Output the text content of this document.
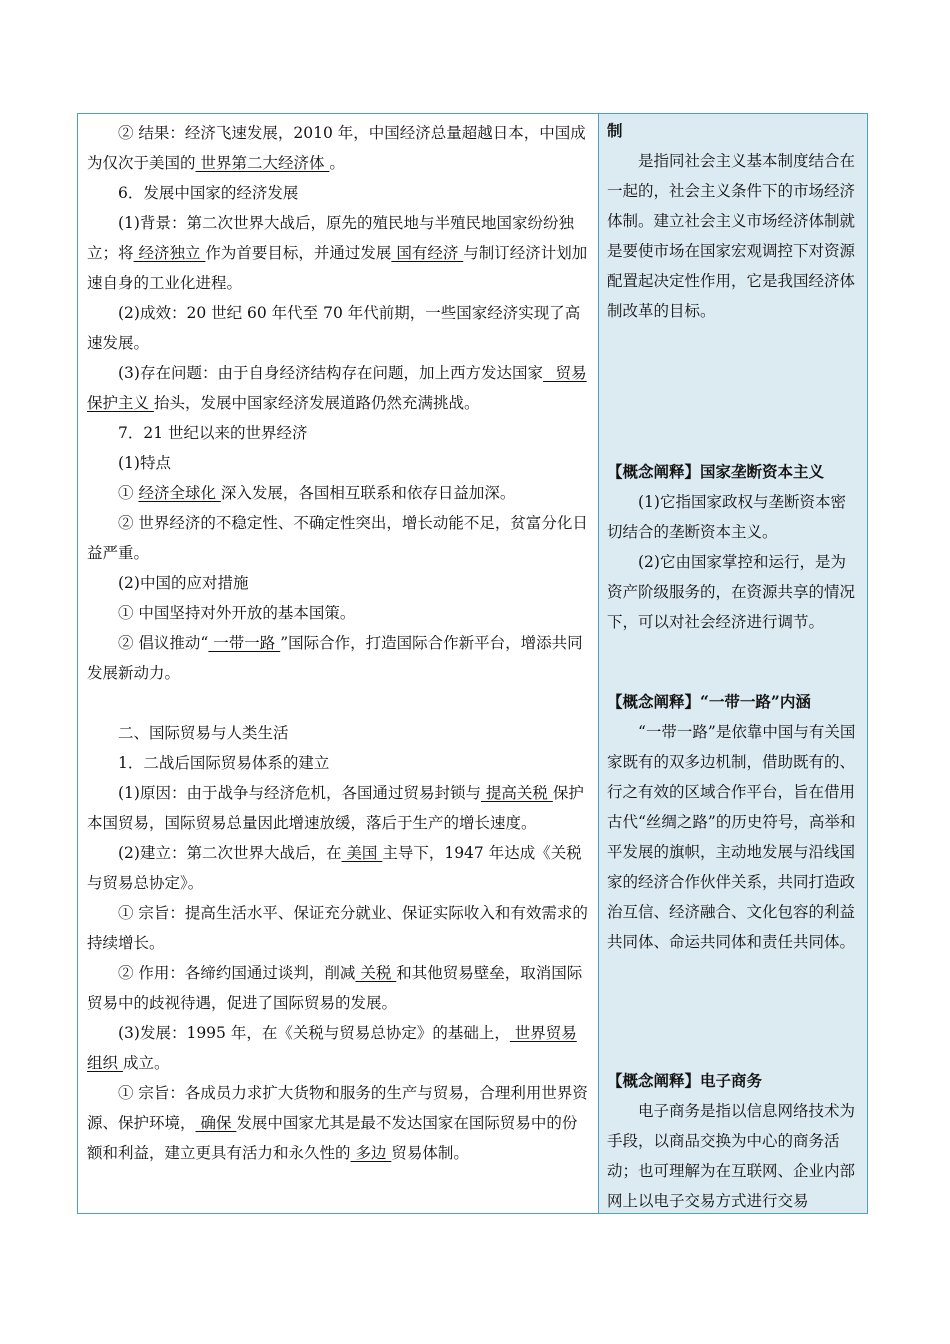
② 结果：经济飞速发展，2010 年，中国经济总量超越日本，中国成为仅次于美国的 世界第二大经济体 。

6．发展中国家的经济发展

(1)背景：第二次世界大战后，原先的殖民地与半殖民地国家纷纷独立；将 经济独立 作为首要目标，并通过发展 国有经济 与制订经济计划加速自身的工业化进程。

(2)成效：20 世纪 60 年代至 70 年代前期，一些国家经济实现了高速发展。

(3)存在问题：由于自身经济结构存在问题，加上西方发达国家_ 贸易保护主义 抬头，发展中国家经济发展道路仍然充满挑战。

7．21 世纪以来的世界经济

(1)特点

① 经济全球化 深入发展，各国相互联系和依存日益加深。

② 世界经济的不稳定性、不确定性突出，增长动能不足，贫富分化日益严重。

(2)中国的应对措施

① 中国坚持对外开放的基本国策。

② 倡议推动“ 一带一路 ”国际合作，打造国际合作新平台，增添共同发展新动力。

二、国际贸易与人类生活

1．二战后国际贸易体系的建立

(1)原因：由于战争与经济危机，各国通过贸易封锁与 提高关税 保护本国贸易，国际贸易总量因此增速放缓，落后于生产的增长速度。

(2)建立：第二次世界大战后，在 美国 主导下，1947 年达成《关税与贸易总协定》。

① 宗旨：提高生活水平、保证充分就业、保证实际收入和有效需求的持续增长。

② 作用：各缔约国通过谈判，削减 关税 和其他贸易壁垒，取消国际贸易中的歧视待遇，促进了国际贸易的发展。

(3)发展：1995 年，在《关税与贸易总协定》的基础上， 世界贸易组织 成立。

① 宗旨：各成员力求扩大货物和服务的生产与贸易，合理利用世界资源、保护环境， 确保 发展中国家尤其是最不发达国家在国际贸易中的份额和利益，建立更具有活力和永久性的 多边 贸易体制。

制

是指同社会主义基本制度结合在一起的，社会主义条件下的市场经济体制。建立社会主义市场经济体制就是要使市场在国家宏观调控下对资源配置起决定性作用，它是我国经济体制改革的目标。

【概念阐释】国家垄断资本主义

(1)它指国家政权与垄断资本密切结合的垄断资本主义。

(2)它由国家掌控和运行，是为资产阶级服务的，在资源共享的情况下，可以对社会经济进行调节。

【概念阐释】“一带一路”内涵

“一带一路”是依靠中国与有关国家既有的双多边机制，借助既有的、行之有效的区域合作平台，旨在借用古代“丝绸之路”的历史符号，高举和平发展的旗帜，主动地发展与沿线国家的经济合作伙伴关系，共同打造政治互信、经济融合、文化包容的利益共同体、命运共同体和责任共同体。

【概念阐释】电子商务

电子商务是指以信息网络技术为手段，以商品交换为中心的商务活动；也可理解为在互联网、企业内部网上以电子交易方式进行交易
